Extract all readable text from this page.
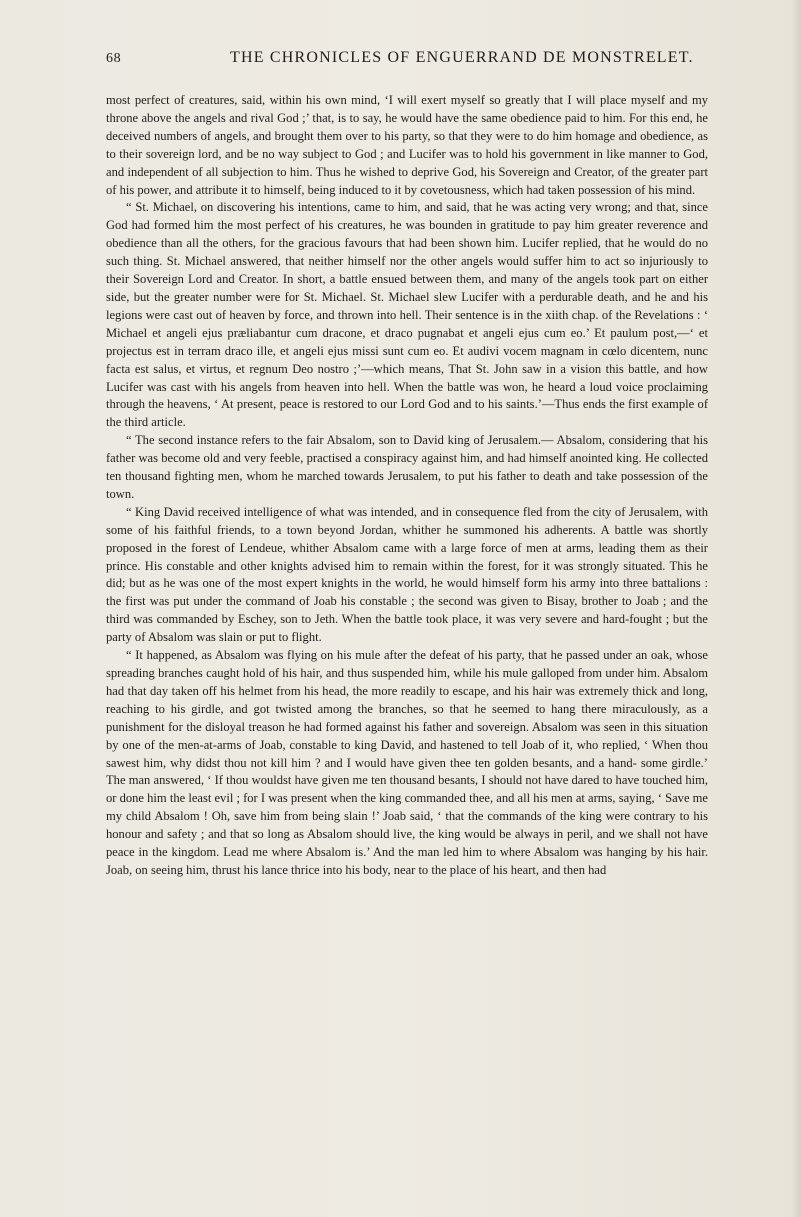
68	THE CHRONICLES OF ENGUERRAND DE MONSTRELET.

most perfect of creatures, said, within his own mind, ‘I will exert myself so greatly that I will place myself and my throne above the angels and rival God ;’ that, is to say, he would have the same obedience paid to him. For this end, he deceived numbers of angels, and brought them over to his party, so that they were to do him homage and obedience, as to their sovereign lord, and be no way subject to God ; and Lucifer was to hold his government in like manner to God, and independent of all subjection to him. Thus he wished to deprive God, his Sovereign and Creator, of the greater part of his power, and attribute it to himself, being induced to it by covetousness, which had taken possession of his mind.

“ St. Michael, on discovering his intentions, came to him, and said, that he was acting very wrong; and that, since God had formed him the most perfect of his creatures, he was bounden in gratitude to pay him greater reverence and obedience than all the others, for the gracious favours that had been shown him. Lucifer replied, that he would do no such thing. St. Michael answered, that neither himself nor the other angels would suffer him to act so injuriously to their Sovereign Lord and Creator. In short, a battle ensued between them, and many of the angels took part on either side, but the greater number were for St. Michael. St. Michael slew Lucifer with a perdurable death, and he and his legions were cast out of heaven by force, and thrown into hell. Their sentence is in the xiith chap. of the Revelations : ‘ Michael et angeli ejus præliabantur cum dracone, et draco pugnabat et angeli ejus cum eo.’ Et paulum post,—‘ et projectus est in terram draco ille, et angeli ejus missi sunt cum eo. Et audivi vocem magnam in cœlo dicentem, nunc facta est salus, et virtus, et regnum Deo nostro ;’—which means, That St. John saw in a vision this battle, and how Lucifer was cast with his angels from heaven into hell. When the battle was won, he heard a loud voice proclaiming through the heavens, ‘ At present, peace is restored to our Lord God and to his saints.’—Thus ends the first example of the third article.

“ The second instance refers to the fair Absalom, son to David king of Jerusalem.— Absalom, considering that his father was become old and very feeble, practised a conspiracy against him, and had himself anointed king. He collected ten thousand fighting men, whom he marched towards Jerusalem, to put his father to death and take possession of the town.

“ King David received intelligence of what was intended, and in consequence fled from the city of Jerusalem, with some of his faithful friends, to a town beyond Jordan, whither he summoned his adherents. A battle was shortly proposed in the forest of Lendeue, whither Absalom came with a large force of men at arms, leading them as their prince. His constable and other knights advised him to remain within the forest, for it was strongly situated. This he did; but as he was one of the most expert knights in the world, he would himself form his army into three battalions : the first was put under the command of Joab his constable ; the second was given to Bisay, brother to Joab ; and the third was commanded by Eschey, son to Jeth. When the battle took place, it was very severe and hard-fought ; but the party of Absalom was slain or put to flight.

“ It happened, as Absalom was flying on his mule after the defeat of his party, that he passed under an oak, whose spreading branches caught hold of his hair, and thus suspended him, while his mule galloped from under him. Absalom had that day taken off his helmet from his head, the more readily to escape, and his hair was extremely thick and long, reaching to his girdle, and got twisted among the branches, so that he seemed to hang there miraculously, as a punishment for the disloyal treason he had formed against his father and sovereign. Absalom was seen in this situation by one of the men-at-arms of Joab, constable to king David, and hastened to tell Joab of it, who replied, ‘ When thou sawest him, why didst thou not kill him ? and I would have given thee ten golden besants, and a hand- some girdle.’ The man answered, ‘ If thou wouldst have given me ten thousand besants, I should not have dared to have touched him, or done him the least evil ; for I was present when the king commanded thee, and all his men at arms, saying, ‘ Save me my child Absalom ! Oh, save him from being slain !’ Joab said, ‘ that the commands of the king were contrary to his honour and safety ; and that so long as Absalom should live, the king would be always in peril, and we shall not have peace in the kingdom. Lead me where Absalom is.’ And the man led him to where Absalom was hanging by his hair. Joab, on seeing him, thrust his lance thrice into his body, near to the place of his heart, and then had
